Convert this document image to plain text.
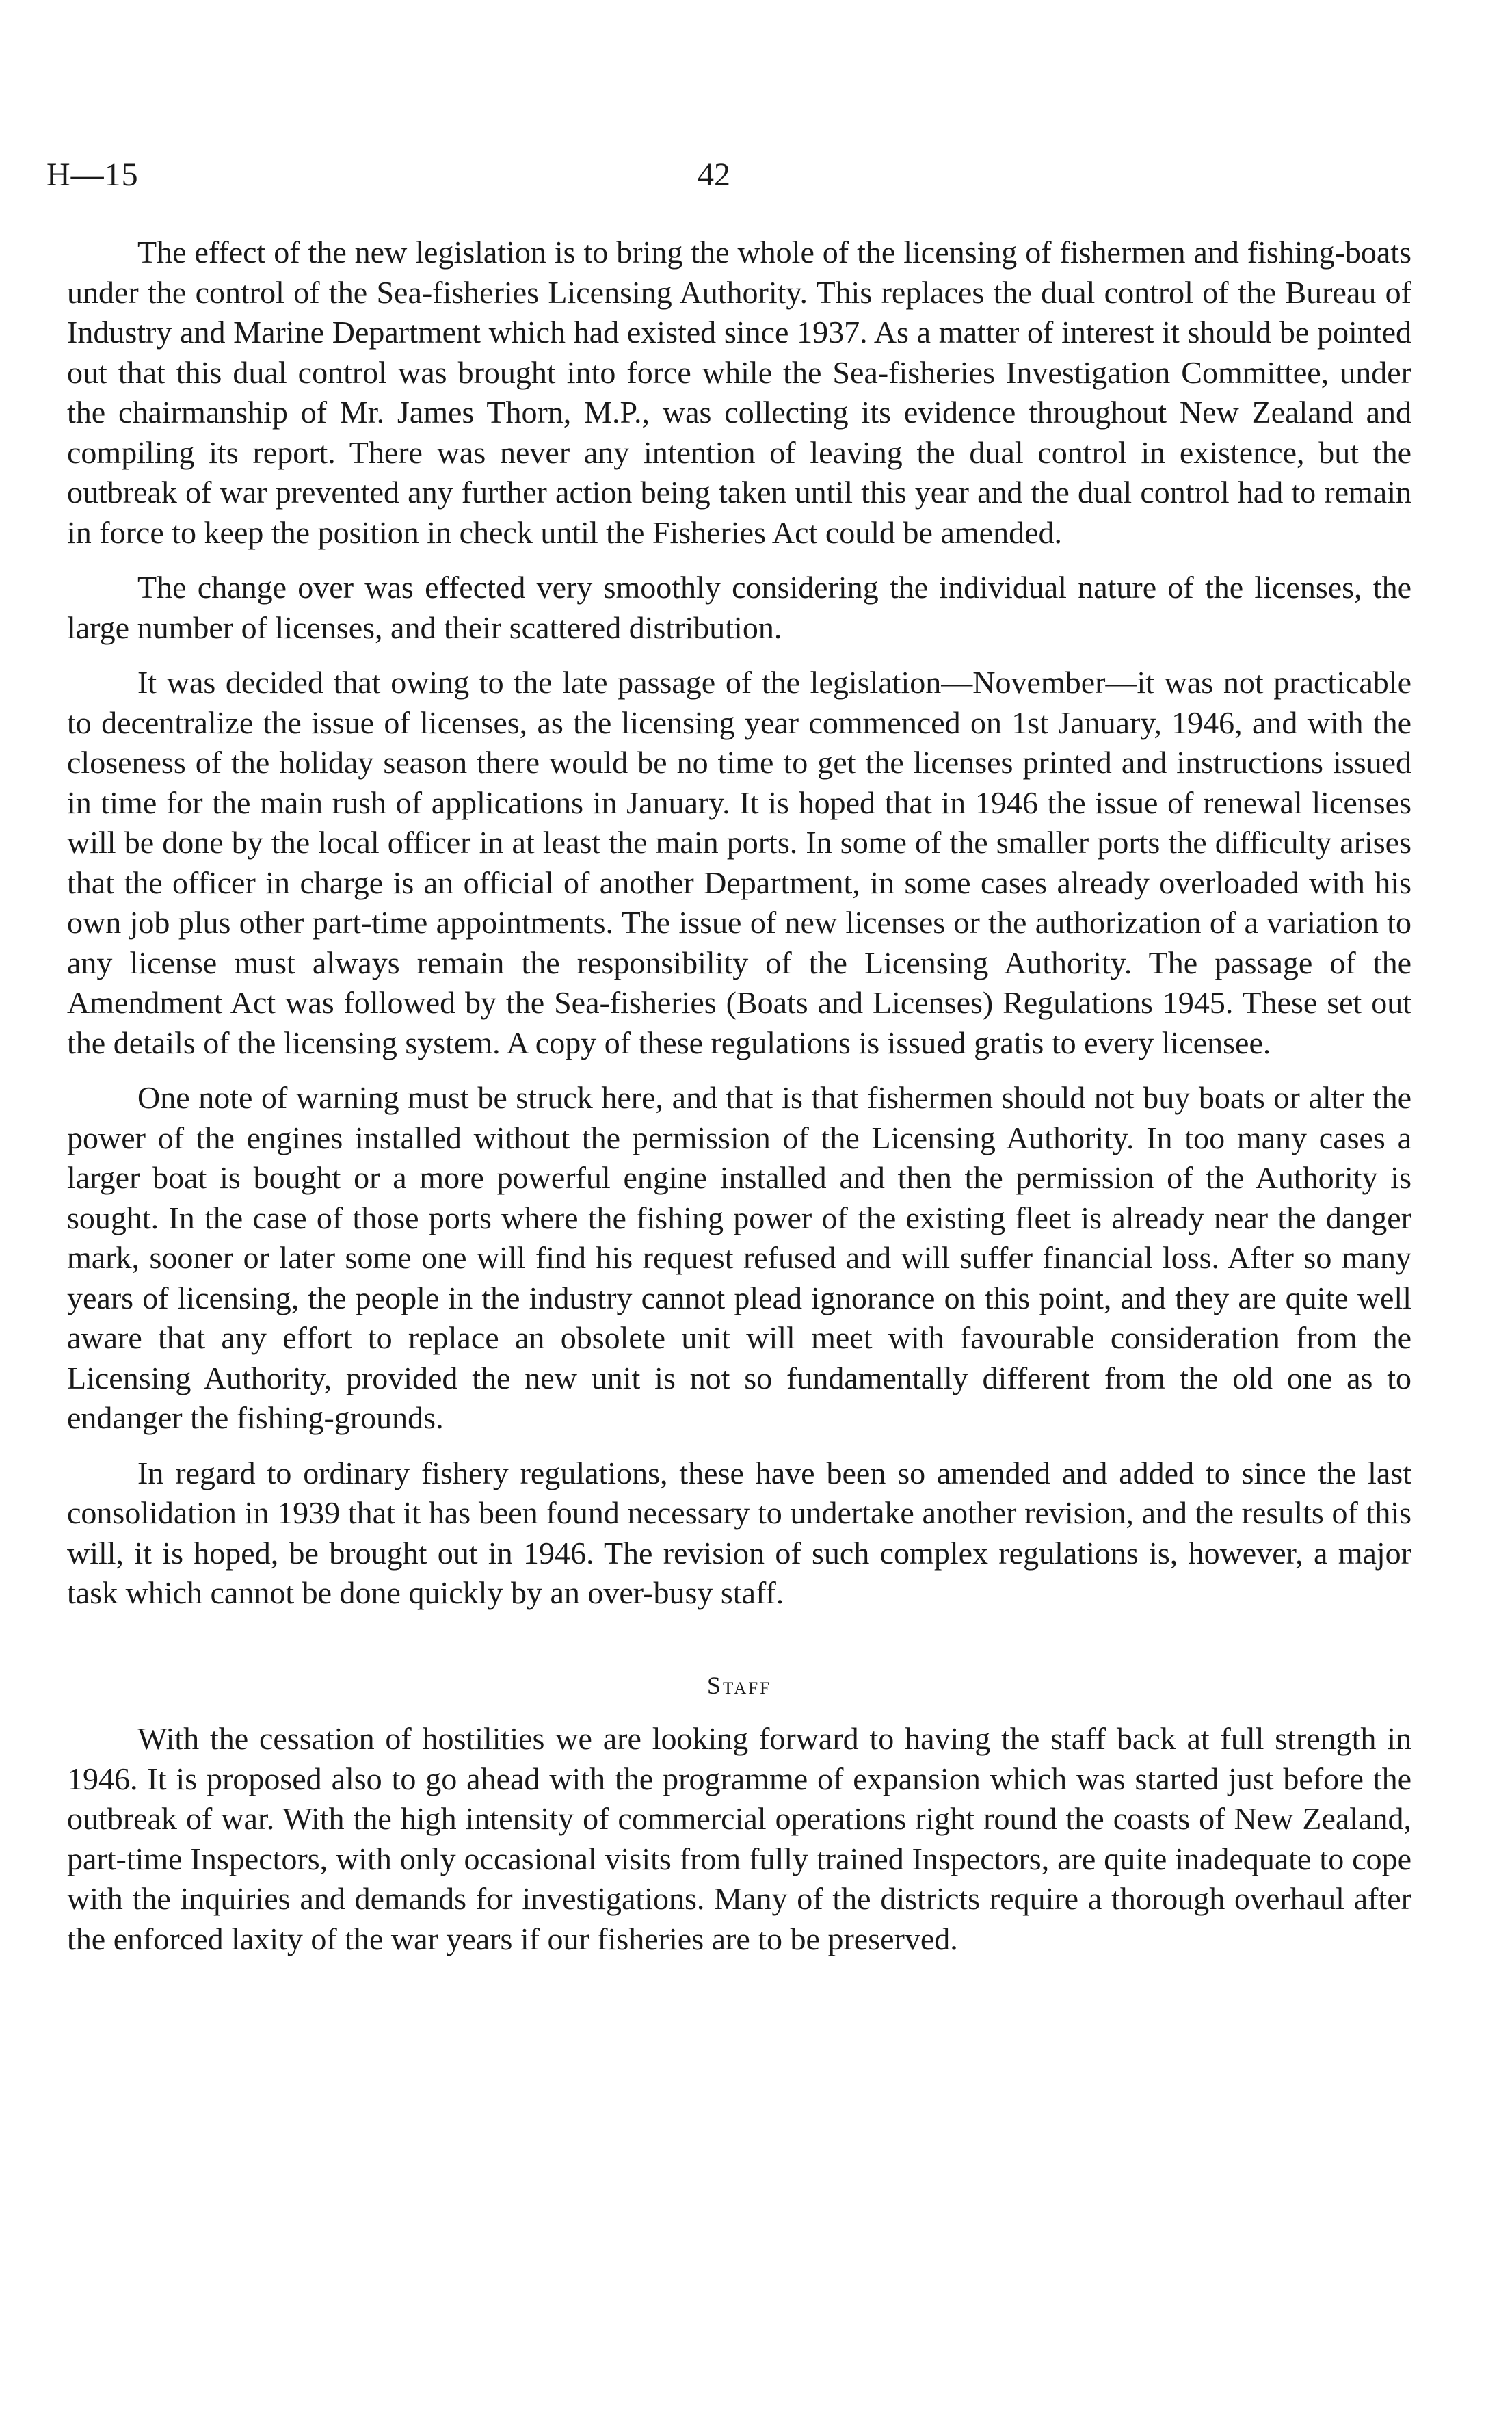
H—15	42

The effect of the new legislation is to bring the whole of the licensing of fishermen and fishing-boats under the control of the Sea-fisheries Licensing Authority. This replaces the dual control of the Bureau of Industry and Marine Department which had existed since 1937. As a matter of interest it should be pointed out that this dual control was brought into force while the Sea-fisheries Investigation Committee, under the chairmanship of Mr. James Thorn, M.P., was collecting its evidence throughout New Zealand and compiling its report. There was never any intention of leaving the dual control in existence, but the outbreak of war prevented any further action being taken until this year and the dual control had to remain in force to keep the position in check until the Fisheries Act could be amended.

The change over was effected very smoothly considering the individual nature of the licenses, the large number of licenses, and their scattered distribution.

It was decided that owing to the late passage of the legislation—November—it was not practicable to decentralize the issue of licenses, as the licensing year commenced on 1st January, 1946, and with the closeness of the holiday season there would be no time to get the licenses printed and instructions issued in time for the main rush of applications in January. It is hoped that in 1946 the issue of renewal licenses will be done by the local officer in at least the main ports. In some of the smaller ports the difficulty arises that the officer in charge is an official of another Department, in some cases already overloaded with his own job plus other part-time appointments. The issue of new licenses or the authorization of a variation to any license must always remain the responsibility of the Licensing Authority. The passage of the Amendment Act was followed by the Sea-fisheries (Boats and Licenses) Regulations 1945. These set out the details of the licensing system. A copy of these regulations is issued gratis to every licensee.

One note of warning must be struck here, and that is that fishermen should not buy boats or alter the power of the engines installed without the permission of the Licensing Authority. In too many cases a larger boat is bought or a more powerful engine installed and then the permission of the Authority is sought. In the case of those ports where the fishing power of the existing fleet is already near the danger mark, sooner or later some one will find his request refused and will suffer financial loss. After so many years of licensing, the people in the industry cannot plead ignorance on this point, and they are quite well aware that any effort to replace an obsolete unit will meet with favourable consideration from the Licensing Authority, provided the new unit is not so fundamentally different from the old one as to endanger the fishing-grounds.

In regard to ordinary fishery regulations, these have been so amended and added to since the last consolidation in 1939 that it has been found necessary to undertake another revision, and the results of this will, it is hoped, be brought out in 1946. The revision of such complex regulations is, however, a major task which cannot be done quickly by an over-busy staff.

Staff

With the cessation of hostilities we are looking forward to having the staff back at full strength in 1946. It is proposed also to go ahead with the programme of expansion which was started just before the outbreak of war. With the high intensity of commercial operations right round the coasts of New Zealand, part-time Inspectors, with only occasional visits from fully trained Inspectors, are quite inadequate to cope with the inquiries and demands for investigations. Many of the districts require a thorough overhaul after the enforced laxity of the war years if our fisheries are to be preserved.
